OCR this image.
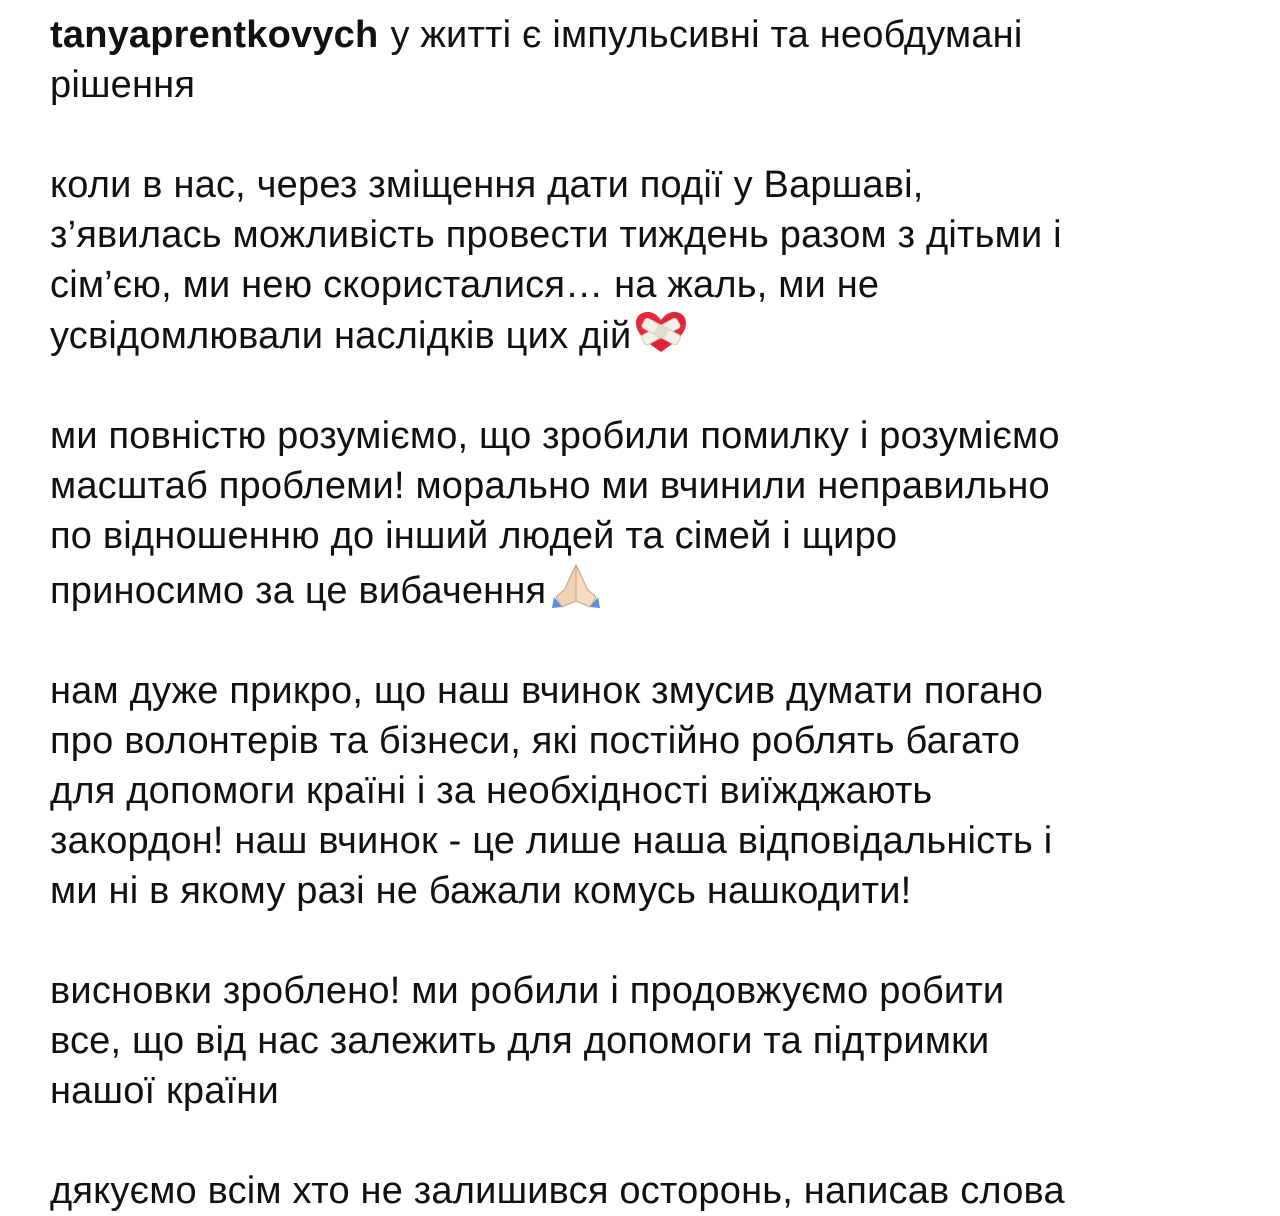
tanyaprentkovych у житті є імпульсивні та необдумані
рішення
коли в нас, через зміщення дати події у Варшаві,
з’явилась можливість провести тиждень разом з дітьми і
сім’єю, ми нею скористалися… на жаль, ми не
усвідомлювали наслідків цих дій
ми повністю розуміємо, що зробили помилку і розуміємо
масштаб проблеми! морально ми вчинили неправильно
по відношенню до інший людей та сімей і щиро
приносимо за це вибачення
нам дуже прикро, що наш вчинок змусив думати погано
про волонтерів та бізнеси, які постійно роблять багато
для допомоги країні і за необхідності виїжджають
закордон! наш вчинок - це лише наша відповідальність і
ми ні в якому разі не бажали комусь нашкодити!
висновки зроблено! ми робили і продовжуємо робити
все, що від нас залежить для допомоги та підтримки
нашої країни
дякуємо всім хто не залишився осторонь, написав слова
